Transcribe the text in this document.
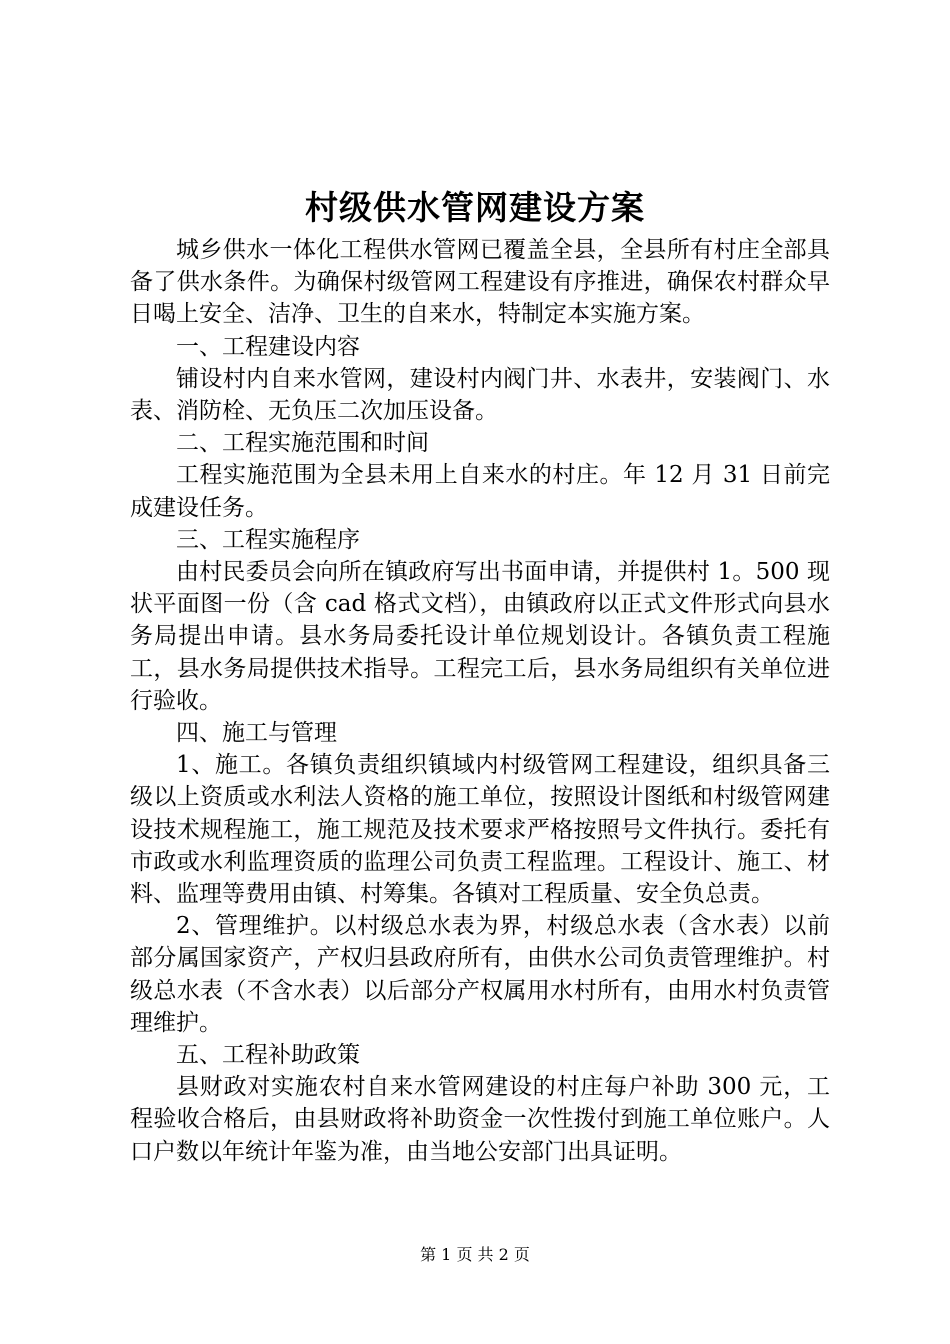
村级供水管网建设方案

城乡供水一体化工程供水管网已覆盖全县，全县所有村庄全部具备了供水条件。为确保村级管网工程建设有序推进，确保农村群众早日喝上安全、洁净、卫生的自来水，特制定本实施方案。

一、工程建设内容

铺设村内自来水管网，建设村内阀门井、水表井，安装阀门、水表、消防栓、无负压二次加压设备。

二、工程实施范围和时间

工程实施范围为全县未用上自来水的村庄。年 12 月 31 日前完成建设任务。

三、工程实施程序

由村民委员会向所在镇政府写出书面申请，并提供村 1。500 现状平面图一份（含 cad 格式文档），由镇政府以正式文件形式向县水务局提出申请。县水务局委托设计单位规划设计。各镇负责工程施工，县水务局提供技术指导。工程完工后，县水务局组织有关单位进行验收。

四、施工与管理

1、施工。各镇负责组织镇域内村级管网工程建设，组织具备三级以上资质或水利法人资格的施工单位，按照设计图纸和村级管网建设技术规程施工，施工规范及技术要求严格按照号文件执行。委托有市政或水利监理资质的监理公司负责工程监理。工程设计、施工、材料、监理等费用由镇、村筹集。各镇对工程质量、安全负总责。

2、管理维护。以村级总水表为界，村级总水表（含水表）以前部分属国家资产，产权归县政府所有，由供水公司负责管理维护。村级总水表（不含水表）以后部分产权属用水村所有，由用水村负责管理维护。

五、工程补助政策

县财政对实施农村自来水管网建设的村庄每户补助 300 元，工程验收合格后，由县财政将补助资金一次性拨付到施工单位账户。人口户数以年统计年鉴为准，由当地公安部门出具证明。

第 1 页 共 2 页
